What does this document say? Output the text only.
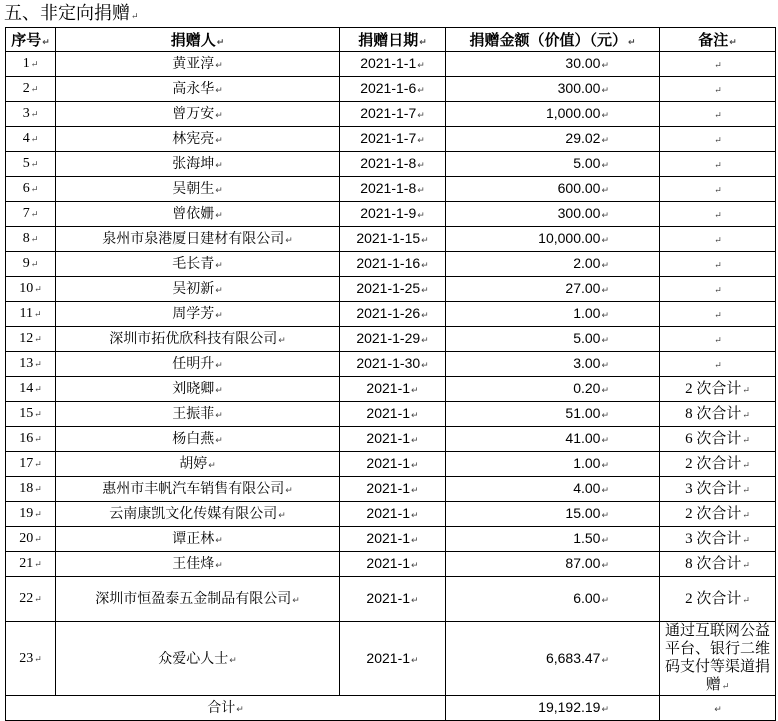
五、非定向捐赠↵
序号↵	捐赠人↵	捐赠日期↵	捐赠金额（价值）（元）↵	备注↵
1↵	黄亚淳↵	2021-1-1↵	30.00↵	↵
2↵	高永华↵	2021-1-6↵	300.00↵	↵
3↵	曾万安↵	2021-1-7↵	1,000.00↵	↵
4↵	林宪亮↵	2021-1-7↵	29.02↵	↵
5↵	张海坤↵	2021-1-8↵	5.00↵	↵
6↵	吴朝生↵	2021-1-8↵	600.00↵	↵
7↵	曾依姗↵	2021-1-9↵	300.00↵	↵
8↵	泉州市泉港厦日建材有限公司↵	2021-1-15↵	10,000.00↵	↵
9↵	毛长青↵	2021-1-16↵	2.00↵	↵
10↵	吴初新↵	2021-1-25↵	27.00↵	↵
11↵	周学芳↵	2021-1-26↵	1.00↵	↵
12↵	深圳市拓优欣科技有限公司↵	2021-1-29↵	5.00↵	↵
13↵	任明升↵	2021-1-30↵	3.00↵	↵
14↵	刘晓卿↵	2021-1↵	0.20↵	2 次合计↵
15↵	王振菲↵	2021-1↵	51.00↵	8 次合计↵
16↵	杨白燕↵	2021-1↵	41.00↵	6 次合计↵
17↵	胡婷↵	2021-1↵	1.00↵	2 次合计↵
18↵	惠州市丰帆汽车销售有限公司↵	2021-1↵	4.00↵	3 次合计↵
19↵	云南康凯文化传媒有限公司↵	2021-1↵	15.00↵	2 次合计↵
20↵	谭正林↵	2021-1↵	1.50↵	3 次合计↵
21↵	王佳烽↵	2021-1↵	87.00↵	8 次合计↵
22↵	深圳市恒盈泰五金制品有限公司↵	2021-1↵	6.00↵	2 次合计↵
23↵	众爱心人士↵	2021-1↵	6,683.47↵	通过互联网公益平台、银行二维码支付等渠道捐赠↵
合计↵			19,192.19↵	↵
